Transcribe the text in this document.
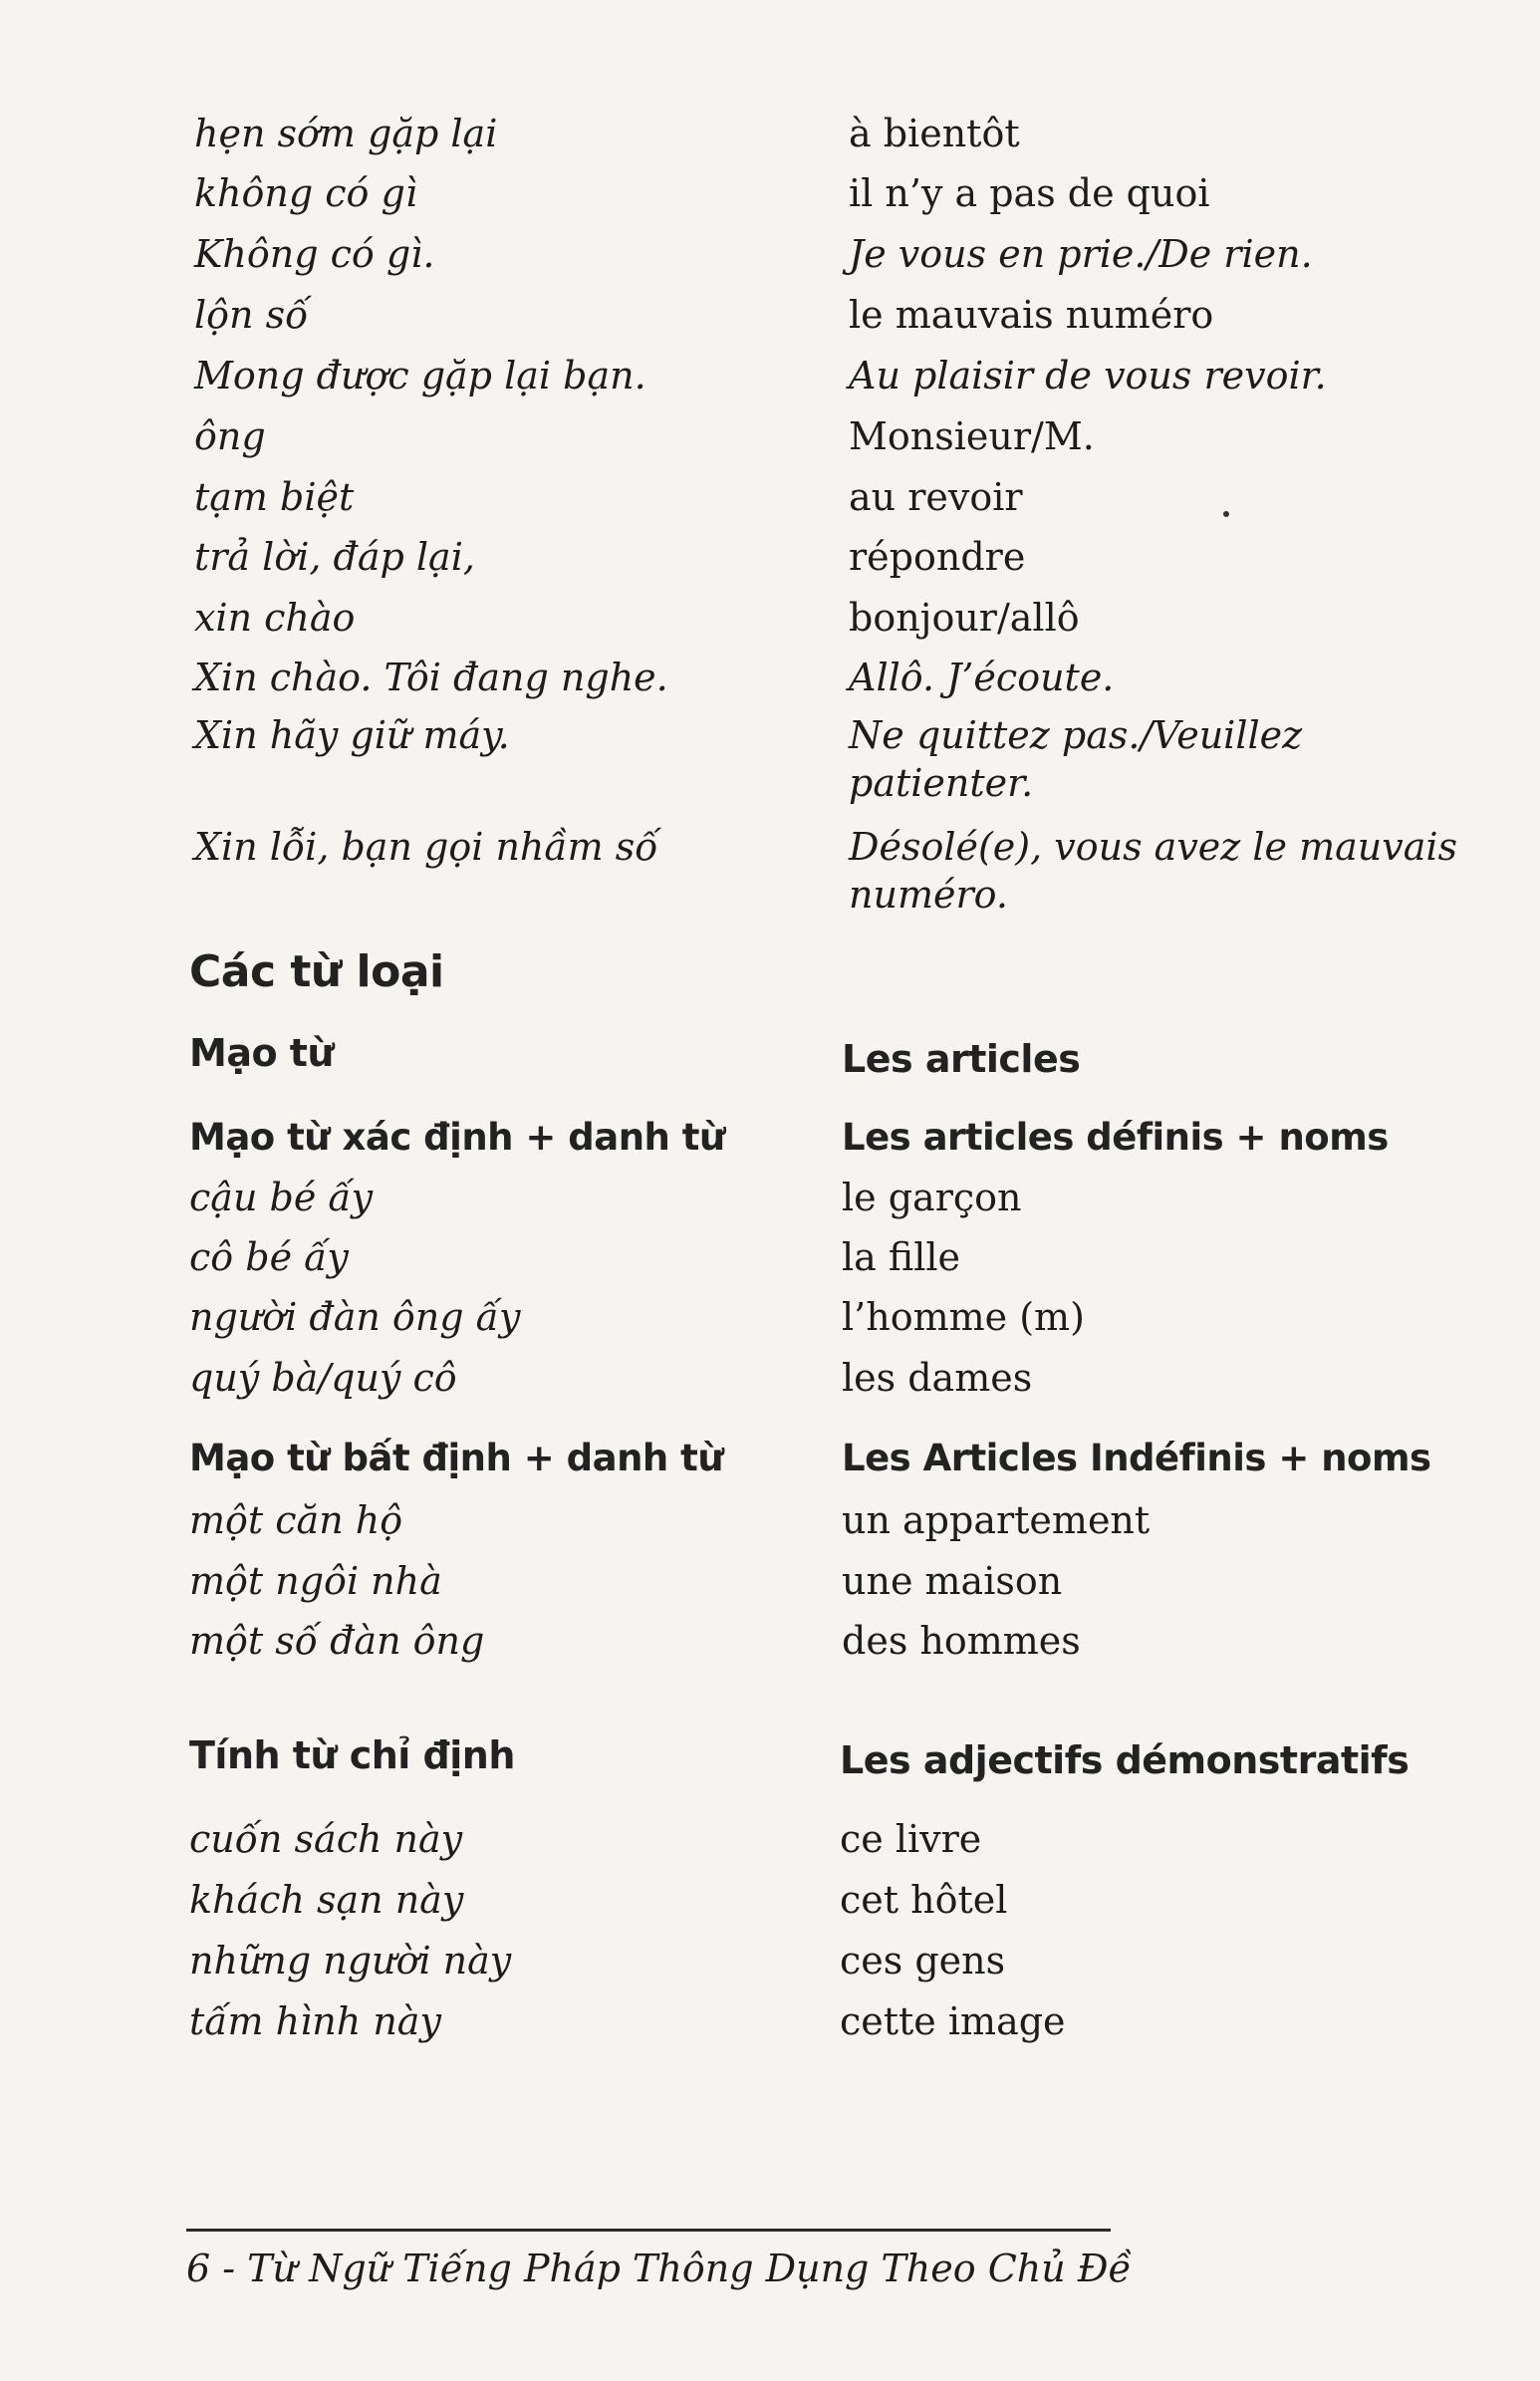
hẹn sớm gặp lại	à bientôt
không có gì	il n’y a pas de quoi
Không có gì.	Je vous en prie./De rien.
lộn số	le mauvais numéro
Mong được gặp lại bạn.	Au plaisir de vous revoir.
ông	Monsieur/M.
tạm biệt	au revoir
trả lời, đáp lại,	répondre
xin chào	bonjour/allô
Xin chào. Tôi đang nghe.	Allô. J’écoute.
Xin hãy giữ máy.	Ne quittez pas./Veuillez
patienter.
Xin lỗi, bạn gọi nhầm số	Désolé(e), vous avez le mauvais
numéro.
Các từ loại
Mạo từ	Les articles
Mạo từ xác định + danh từ	Les articles définis + noms
cậu bé ấy	le garçon
cô bé ấy	la fille
người đàn ông ấy	l’homme (m)
quý bà/quý cô	les dames
Mạo từ bất định + danh từ	Les Articles Indéfinis + noms
một căn hộ	un appartement
một ngôi nhà	une maison
một số đàn ông	des hommes
Tính từ chỉ định	Les adjectifs démonstratifs
cuốn sách này	ce livre
khách sạn này	cet hôtel
những người này	ces gens
tấm hình này	cette image
6 - Từ Ngữ Tiếng Pháp Thông Dụng Theo Chủ Đề
